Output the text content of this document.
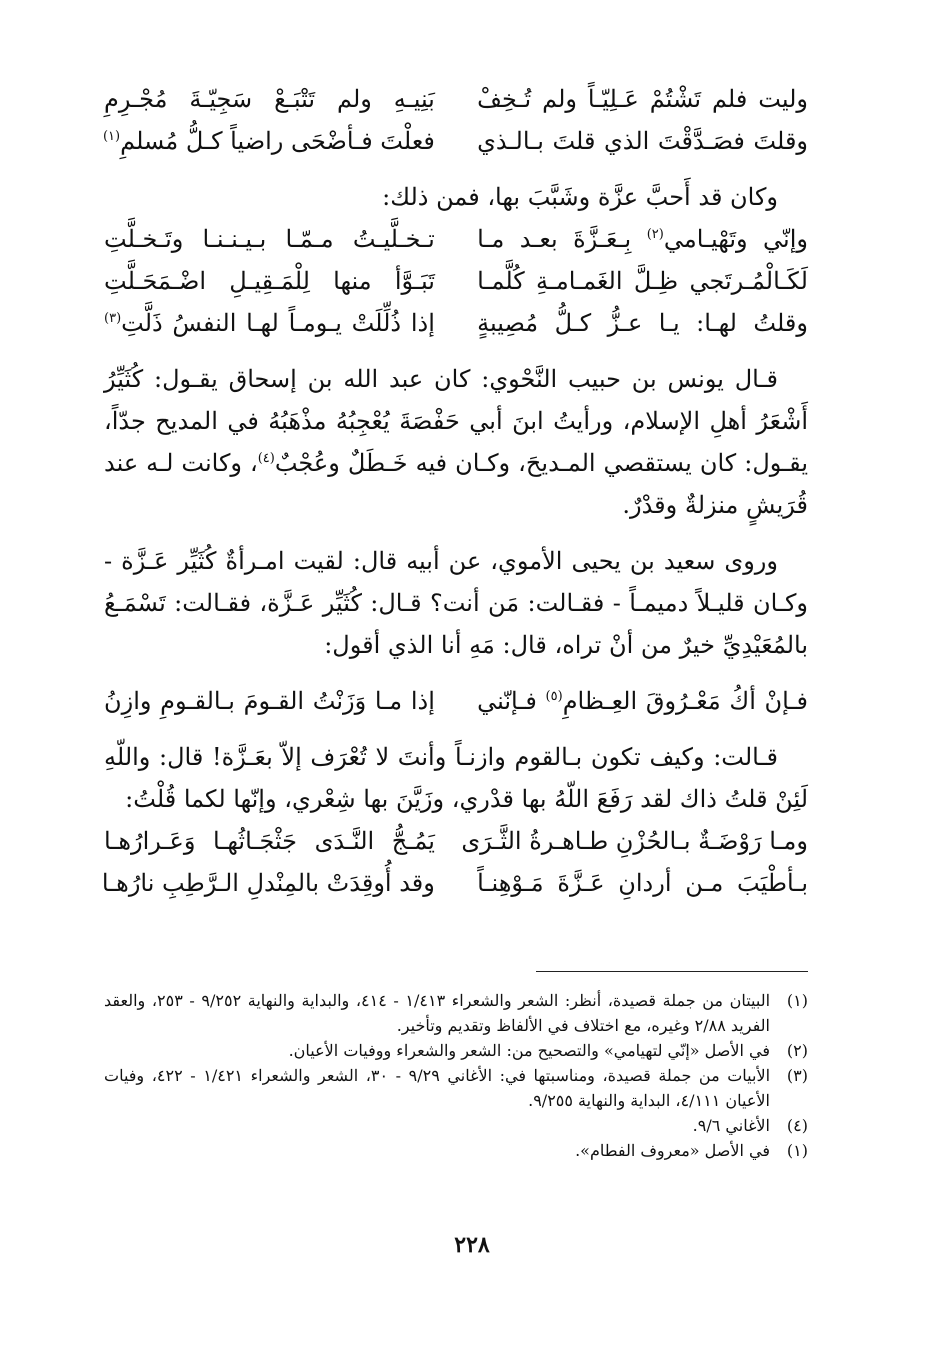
وليت فلم تَشْتُمْ عَـلِيّـاً ولم تُـخِفْ
بَنِيـهِ ولم تَتْبَـعْ سَجِيّـةَ مُجْـرِمِ
وقلتَ فصَـدَّقْتَ الذي قلتَ بـالـذي
فعلْتَ فـأضْحَى راضياً كـلُّ مُسلمِ$^{(١)}$

وكان قد أَحبَّ عزَّة وشَبَّبَ بها، فمن ذلك:

وإنّي وتَهْيـامي$^{(٢)}$ بِـعَـزَّةَ بعـد مـا
تـخـلَّيـتُ مـمّـا بـيـنـنـا وتَـخـلَّتِ
لَكَـالْمُـرتَجي ظِـلَّ الغَمـامـةِ كُلَّمـا
تَبَـوَّأ منها لِلْمَـقِيـلِ اضْـمَحَـلَّتِ
وقلتُ لهـا: يـا عـزُّ كـلُّ مُصِيبةٍ
إذا ذُلِّلَتْ يـومـاً لهـا النفسُ ذَلَّتِ$^{(٣)}$

قـال يونس بن حبيب النَّحْوي: كان عبد الله بن إسحاق يقـول: كُثَيِّرُ أَشْعَرُ أهلِ الإسلام، ورأيتُ ابنَ أبي حَفْصَةَ يُعْجِبُهُ مذْهَبُهُ في المديح جدّاً، يقـول: كان يستقصي المـديحَ، وكـان فيه خَـطَلٌ وعُجْبٌ$^{(٤)}$، وكانت لـه عند قُرَيشٍ منزلةٌ وقدْرٌ.

وروى سعيد بن يحيى الأموي، عن أبيه قال: لقيت امـرأةٌ كُثَيِّر عَـزَّة - وكـان قليـلاً دميمـاً - فقـالت: مَن أنت؟ قـال: كُثَيِّر عَـزَّة، فقـالت: تَسْمَـعُ بالمُعَيْدِيِّ خيرٌ من أنْ تراه، قال: مَهِ أنا الذي أقول:

فـإنْ أكُ مَعْـرُوقَ العِـظامِ$^{(٥)}$ فـإنّني
إذا مـا وَزَنْتُ القـومَ بـالقـومِ وازِنُ

قـالت: وكيف تكون بـالقوم وازنـاً وأنتَ لا تُعْرَف إلاّ بعَـزَّة! قال: واللّهِ لَئِنْ قلتُ ذاك لقد رَفَعَ اللّهُ بها قدْري، وزَيَّنَ بها شِعْري، وإنّها لكما قُلْتُ:

ومـا رَوْضَـةٌ بـالحُزْنِ طـاهـرةُ الثَّـرَى
يَمُـجُّ النَّـدَى جَثْجَـاثُهـا وَعَـرارُهـا
بـأطْيَبَ مـن أردانِ عَـزَّةَ مَـوْهِنـاً
وقد أُوقِدَتْ بالمِنْدلِ الـرَّطِبِ نارُهـا
(١)
البيتان من جملة قصيدة، أنظر: الشعر والشعراء ١/٤١٣ - ٤١٤، والبداية والنهاية ٩/٢٥٢ - ٢٥٣، والعقد الفريد ٢/٨٨ وغيره، مع اختلاف في الألفاظ وتقديم وتأخير.
(٢)
في الأصل «إنّي لتهيامي» والتصحيح من: الشعر والشعراء ووفيات الأعيان.
(٣)
الأبيات من جملة قصيدة، ومناسبتها في: الأغاني ٩/٢٩ - ٣٠، الشعر والشعراء ١/٤٢١ - ٤٢٢، وفيات الأعيان ٤/١١١، البداية والنهاية ٩/٢٥٥.
(٤)
الأغاني ٩/٦.
(١)
في الأصل «معروف الفطام».
٢٢٨
